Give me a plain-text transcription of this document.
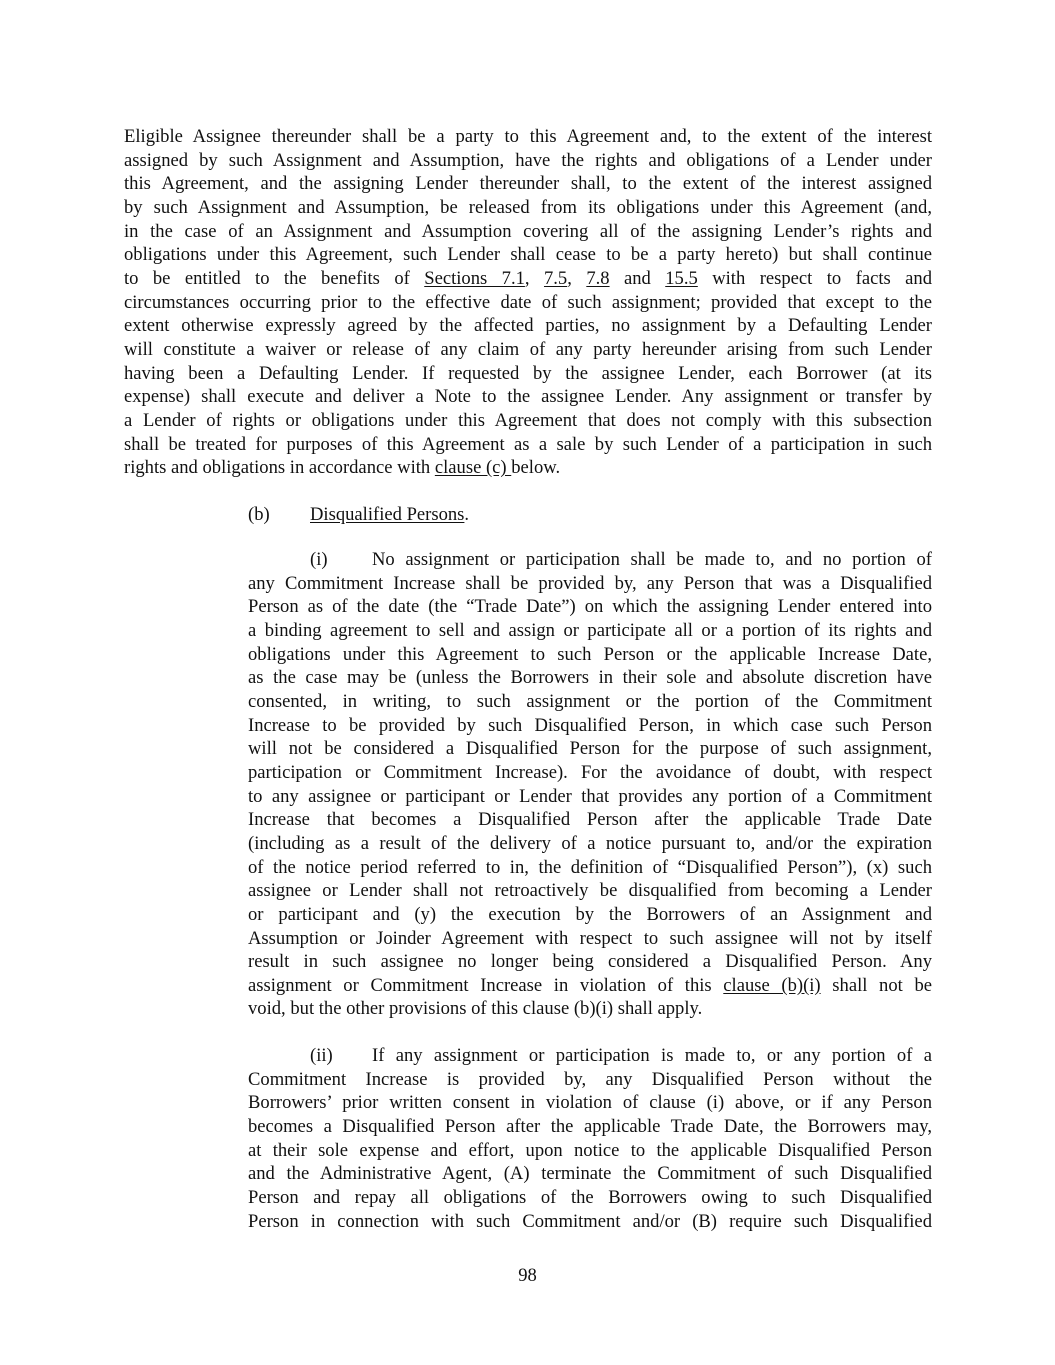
Eligible Assignee thereunder shall be a party to this Agreement and, to the extent of the interest
assigned by such Assignment and Assumption, have the rights and obligations of a Lender under
this Agreement, and the assigning Lender thereunder shall, to the extent of the interest assigned
by such Assignment and Assumption, be released from its obligations under this Agreement (and,
in the case of an Assignment and Assumption covering all of the assigning Lender’s rights and
obligations under this Agreement, such Lender shall cease to be a party hereto) but shall continue
to be entitled to the benefits of Sections 7.1, 7.5, 7.8 and 15.5 with respect to facts and
circumstances occurring prior to the effective date of such assignment; provided that except to the
extent otherwise expressly agreed by the affected parties, no assignment by a Defaulting Lender
will constitute a waiver or release of any claim of any party hereunder arising from such Lender
having been a Defaulting Lender. If requested by the assignee Lender, each Borrower (at its
expense) shall execute and deliver a Note to the assignee Lender. Any assignment or transfer by
a Lender of rights or obligations under this Agreement that does not comply with this subsection
shall be treated for purposes of this Agreement as a sale by such Lender of a participation in such
rights and obligations in accordance with clause (c) below.
(b) Disqualified Persons.
(i) No assignment or participation shall be made to, and no portion of
any Commitment Increase shall be provided by, any Person that was a Disqualified
Person as of the date (the “Trade Date”) on which the assigning Lender entered into
a binding agreement to sell and assign or participate all or a portion of its rights and
obligations under this Agreement to such Person or the applicable Increase Date,
as the case may be (unless the Borrowers in their sole and absolute discretion have
consented, in writing, to such assignment or the portion of the Commitment
Increase to be provided by such Disqualified Person, in which case such Person
will not be considered a Disqualified Person for the purpose of such assignment,
participation or Commitment Increase). For the avoidance of doubt, with respect
to any assignee or participant or Lender that provides any portion of a Commitment
Increase that becomes a Disqualified Person after the applicable Trade Date
(including as a result of the delivery of a notice pursuant to, and/or the expiration
of the notice period referred to in, the definition of “Disqualified Person”), (x) such
assignee or Lender shall not retroactively be disqualified from becoming a Lender
or participant and (y) the execution by the Borrowers of an Assignment and
Assumption or Joinder Agreement with respect to such assignee will not by itself
result in such assignee no longer being considered a Disqualified Person. Any
assignment or Commitment Increase in violation of this clause (b)(i) shall not be
void, but the other provisions of this clause (b)(i) shall apply.
(ii) If any assignment or participation is made to, or any portion of a
Commitment Increase is provided by, any Disqualified Person without the
Borrowers’ prior written consent in violation of clause (i) above, or if any Person
becomes a Disqualified Person after the applicable Trade Date, the Borrowers may,
at their sole expense and effort, upon notice to the applicable Disqualified Person
and the Administrative Agent, (A) terminate the Commitment of such Disqualified
Person and repay all obligations of the Borrowers owing to such Disqualified
Person in connection with such Commitment and/or (B) require such Disqualified
98
